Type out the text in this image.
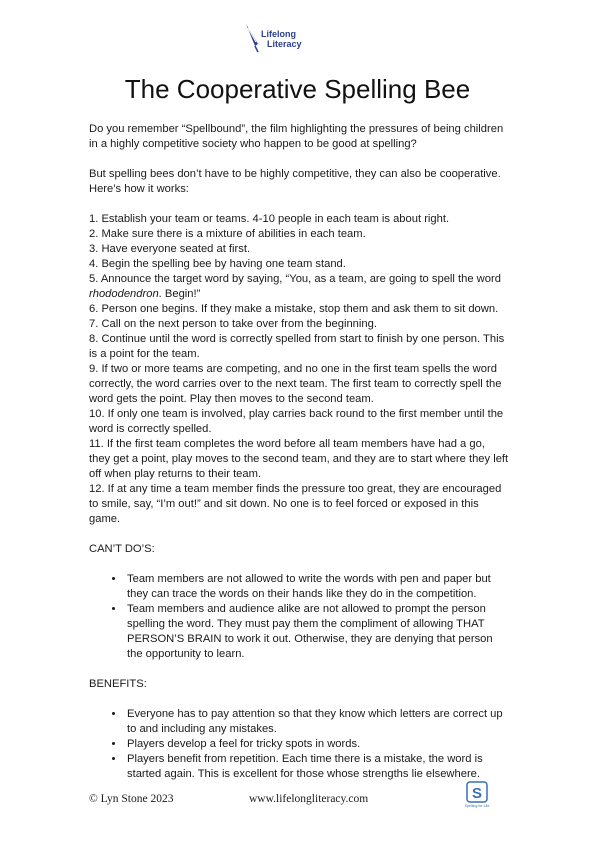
Lifelong
Literacy
The Cooperative Spelling Bee

Do you remember “Spellbound”, the film highlighting the pressures of being children in a highly competitive society who happen to be good at spelling?

But spelling bees don’t have to be highly competitive, they can also be cooperative. Here’s how it works:

1. Establish your team or teams. 4-10 people in each team is about right.

2. Make sure there is a mixture of abilities in each team.

3. Have everyone seated at first.

4. Begin the spelling bee by having one team stand.

5. Announce the target word by saying, “You, as a team, are going to spell the word rhododendron. Begin!”

6. Person one begins. If they make a mistake, stop them and ask them to sit down.

7. Call on the next person to take over from the beginning.

8. Continue until the word is correctly spelled from start to finish by one person. This is a point for the team.

9. If two or more teams are competing, and no one in the first team spells the word correctly, the word carries over to the next team. The first team to correctly spell the word gets the point. Play then moves to the second team.

10. If only one team is involved, play carries back round to the first member until the word is correctly spelled.

11. If the first team completes the word before all team members have had a go, they get a point, play moves to the second team, and they are to start where they left off when play returns to their team.

12. If at any time a team member finds the pressure too great, they are encouraged to smile, say, “I’m out!” and sit down. No one is to feel forced or exposed in this game.

CAN’T DO’S:

• Team members are not allowed to write the words with pen and paper but they can trace the words on their hands like they do in the competition.
• Team members and audience alike are not allowed to prompt the person spelling the word. They must pay them the compliment of allowing THAT PERSON’S BRAIN to work it out. Otherwise, they are denying that person the opportunity to learn.

BENEFITS:

• Everyone has to pay attention so that they know which letters are correct up to and including any mistakes.
• Players develop a feel for tricky spots in words.
• Players benefit from repetition. Each time there is a mistake, the word is started again. This is excellent for those whose strengths lie elsewhere.
© Lyn Stone 2023	www.lifelongliteracy.com	S
Spelling for Life
